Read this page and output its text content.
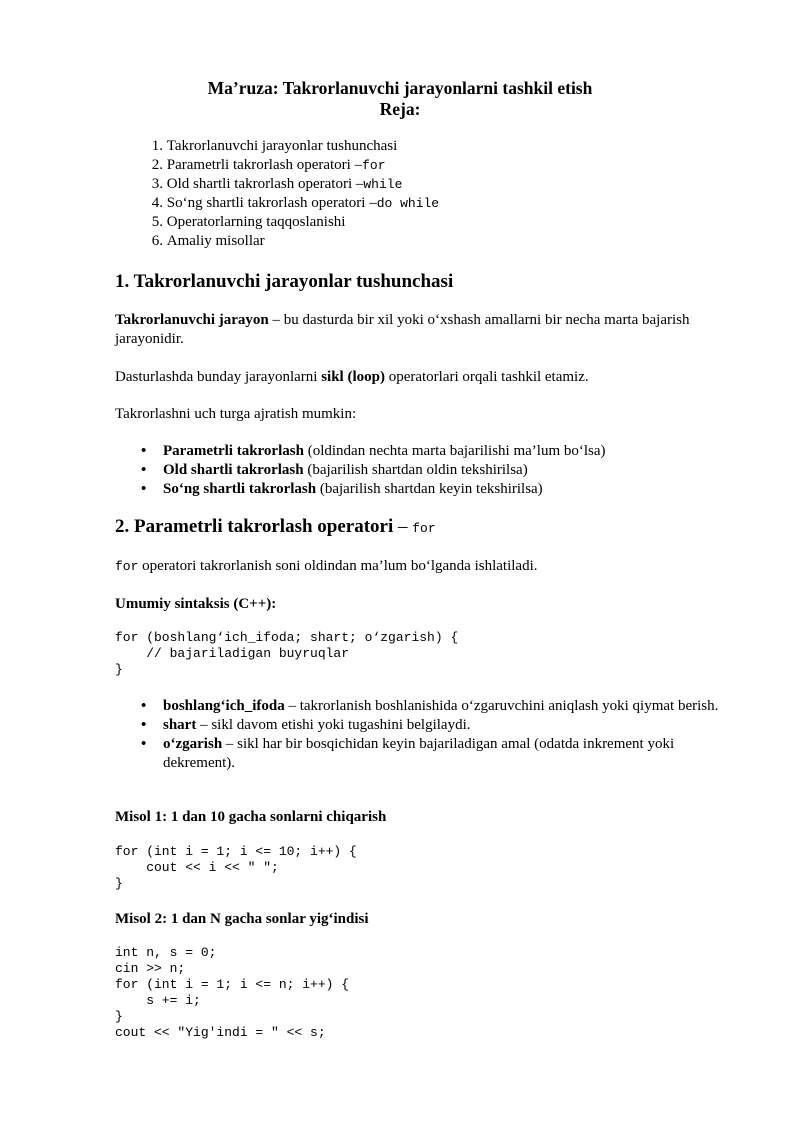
Ma’ruza: Takrorlanuvchi jarayonlarni tashkil etish
Reja:
1. Takrorlanuvchi jarayonlar tushunchasi
2. Parametrli takrorlash operatori –for
3. Old shartli takrorlash operatori –while
4. So‘ng shartli takrorlash operatori –do while
5. Operatorlarning taqqoslanishi
6. Amaliy misollar
1. Takrorlanuvchi jarayonlar tushunchasi
Takrorlanuvchi jarayon – bu dasturda bir xil yoki o‘xshash amallarni bir necha marta bajarish jarayonidir.
Dasturlashda bunday jarayonlarni sikl (loop) operatorlari orqali tashkil etamiz.
Takrorlashni uch turga ajratish mumkin:
• Parametrli takrorlash (oldindan nechta marta bajarilishi ma’lum bo‘lsa)
• Old shartli takrorlash (bajarilish shartdan oldin tekshirilsa)
• So‘ng shartli takrorlash (bajarilish shartdan keyin tekshirilsa)
2. Parametrli takrorlash operatori – for
for operatori takrorlanish soni oldindan ma’lum bo‘lganda ishlatiladi.
Umumiy sintaksis (C++):
for (boshlang‘ich_ifoda; shart; o‘zgarish) {
// bajariladigan buyruqlar
}
• boshlang‘ich_ifoda – takrorlanish boshlanishida o‘zgaruvchini aniqlash yoki qiymat berish.
• shart – sikl davom etishi yoki tugashini belgilaydi.
• o‘zgarish – sikl har bir bosqichidan keyin bajariladigan amal (odatda inkrement yoki dekrement).
Misol 1: 1 dan 10 gacha sonlarni chiqarish
for (int i = 1; i <= 10; i++) {
cout << i << " ";
}
Misol 2: 1 dan N gacha sonlar yig‘indisi
int n, s = 0;
cin >> n;
for (int i = 1; i <= n; i++) {
s += i;
}
cout << "Yig'indi = " << s;
